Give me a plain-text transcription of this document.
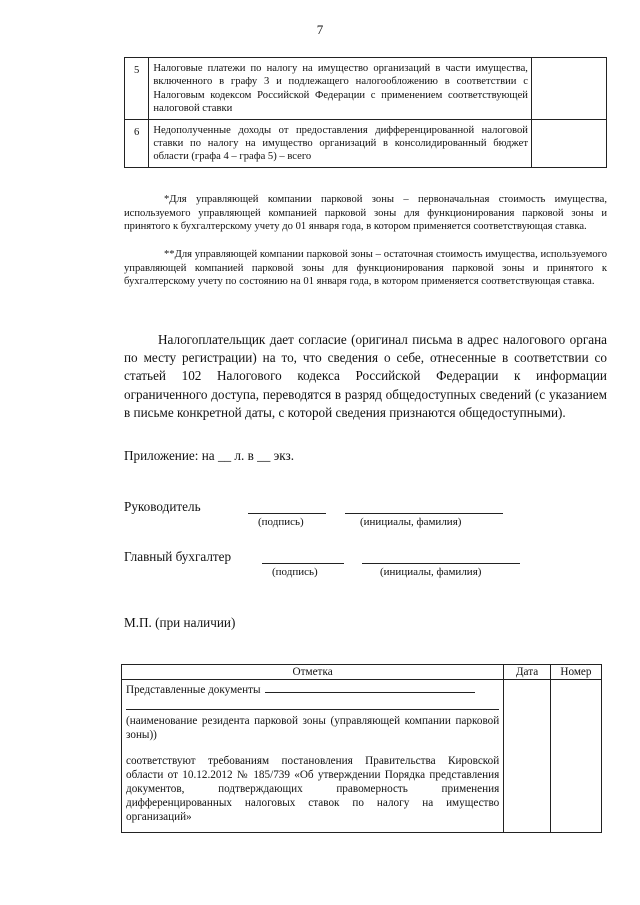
7
5	Налоговые платежи по налогу на имущество организаций в части имущества, включенного в графу 3 и подлежащего налогообложению в соответствии с Налоговым кодексом Российской Федерации с применением соответствующей налоговой ставки	
6	Недополученные доходы от предоставления дифференцированной налоговой ставки по налогу на имущество организаций в консолидированный бюджет области (графа 4 – графа 5) – всего	
*Для управляющей компании парковой зоны – первоначальная стоимость имущества, используемого управляющей компанией парковой зоны для функционирования парковой зоны и принятого к бухгалтерскому учету до 01 января года, в котором применяется соответствующая ставка.
**Для управляющей компании парковой зоны – остаточная стоимость имущества, используемого управляющей компанией парковой зоны для функционирования парковой зоны и принятого к бухгалтерскому учету по состоянию на 01 января года, в котором применяется соответствующая ставка.
Налогоплательщик дает согласие (оригинал письма в адрес налогового органа по месту регистрации) на то, что сведения о себе, отнесенные в соответствии со статьей 102 Налогового кодекса Российской Федерации к информации ограниченного доступа, переводятся в разряд общедоступных сведений (с указанием в письме конкретной даты, с которой сведения признаются общедоступными).
Приложение: на __ л. в __ экз.
Руководитель
(подпись)	(инициалы, фамилия)
Главный бухгалтер
(подпись)	(инициалы, фамилия)
М.П. (при наличии)
Отметка	Дата	Номер

Представленные документы
(наименование резидента парковой зоны (управляющей компании парковой зоны))
соответствуют требованиям постановления Правительства Кировской области от 10.12.2012 № 185/739 «Об утверждении Порядка представления документов, подтверждающих правомерность применения дифференцированных налоговых ставок по налогу на имущество организаций»		
